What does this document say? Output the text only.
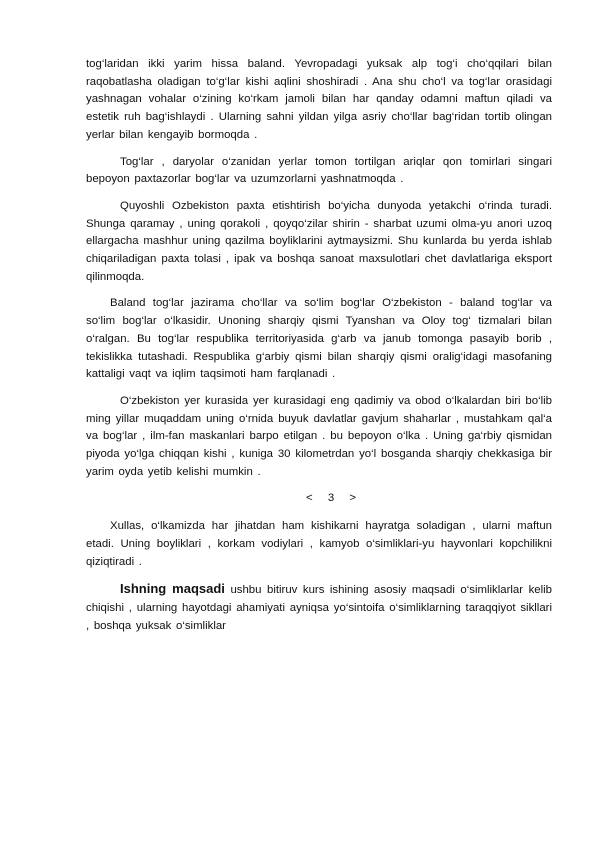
tog‘laridan ikki yarim hissa baland. Yevropadagi yuksak alp tog‘i cho‘qqilari bilan raqobatlasha oladigan to‘g‘lar kishi aqlini shoshiradi . Ana shu cho‘l va tog‘lar orasidagi yashnagan vohalar o‘zining ko‘rkam jamoli bilan har qanday odamni maftun qiladi va estetik ruh bag‘ishlaydi . Ularning sahni yildan yilga asriy cho‘llar bag‘ridan tortib olingan yerlar bilan kengayib bormoqda .

Tog‘lar , daryolar o‘zanidan yerlar tomon tortilgan ariqlar qon tomirlari singari bepoyon paxtazorlar bog‘lar va uzumzorlarni yashnatmoqda .

Quyoshli Ozbekiston paxta etishtirish bo‘yicha dunyoda yetakchi o‘rinda turadi. Shunga qaramay , uning qorakoli , qoyqo‘zilar shirin - sharbat uzumi olma-yu anori uzoq ellargacha mashhur uning qazilma boyliklarini aytmaysizmi. Shu kunlarda bu yerda ishlab chiqariladigan paxta tolasi , ipak va boshqa sanoat maxsulotlari chet davlatlariga eksport qilinmoqda.

Baland tog‘lar jazirama cho‘llar va so‘lim bog‘lar O‘zbekiston - baland tog‘lar va so‘lim bog‘lar o‘lkasidir. Unoning sharqiy qismi Tyanshan va Oloy tog‘ tizmalari bilan o‘ralgan. Bu tog‘lar respublika territoriyasida g‘arb va janub tomonga pasayib borib , tekislikka tutashadi. Respublika g‘arbiy qismi bilan sharqiy qismi oralig‘idagi masofaning kattaligi vaqt va iqlim taqsimoti ham farqlanadi .

O‘zbekiston yer kurasida yer kurasidagi eng qadimiy va obod o‘lkalardan biri bo‘lib ming yillar muqaddam uning o‘rnida buyuk davlatlar gavjum shaharlar , mustahkam qal‘a va bog‘lar , ilm-fan maskanlari barpo etilgan . bu bepoyon o‘lka . Uning ga‘rbiy qismidan piyoda yo‘lga chiqqan kishi , kuniga 30 kilometrdan yo‘l bosganda sharqiy chekkasiga bir yarim oyda yetib kelishi mumkin .

< 3 >

Xullas, o‘lkamizda har jihatdan ham kishikarni hayratga soladigan , ularni maftun etadi. Uning boyliklari , korkam vodiylari , kamyob o‘simliklari-yu hayvonlari kopchilikni qiziqtiradi .

Ishning maqsadi ushbu bitiruv kurs ishining asosiy maqsadi o‘simliklarlar kelib chiqishi , ularning hayotdagi ahamiyati ayniqsa yo‘sintoifa o‘simliklarning taraqqiyot sikllari , boshqa yuksak o‘simliklar
